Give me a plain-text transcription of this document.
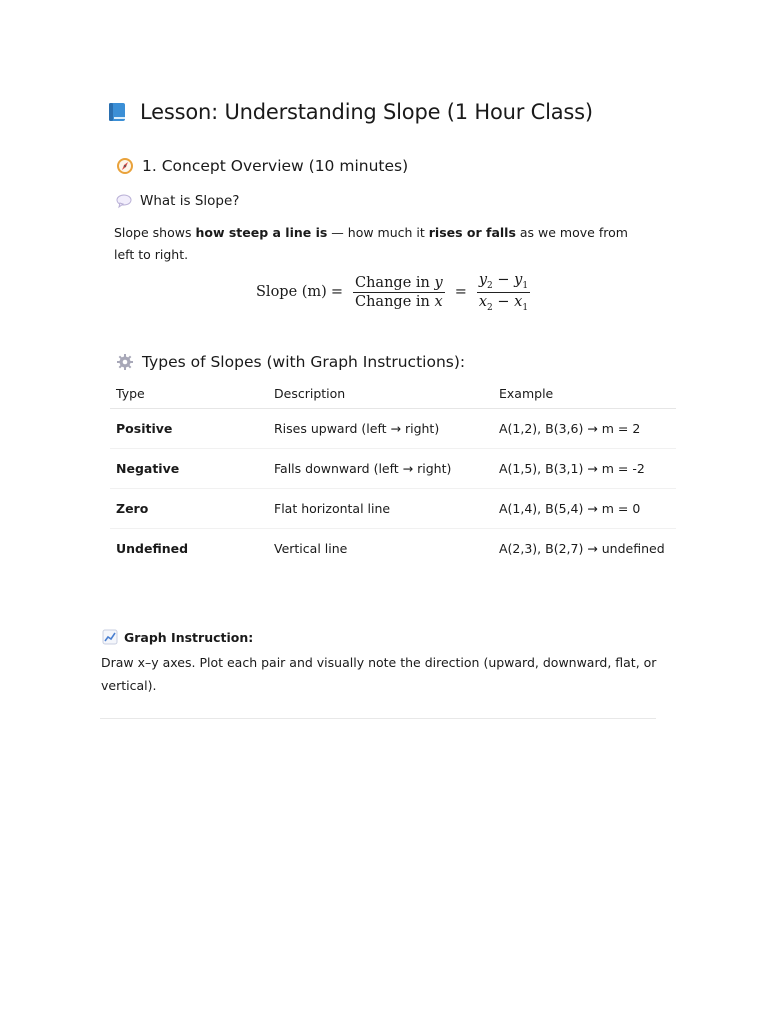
Lesson: Understanding Slope (1 Hour Class)
1. Concept Overview (10 minutes)
What is Slope?
Slope shows how steep a line is — how much it rises or falls as we move from left to right.
Slope $(m) = \frac{\text{Change in y}}{\text{Change in x}} = \frac{y_2 - y_1}{x_2 - x_1}$
Types of Slopes (with Graph Instructions):
Type	Description	Example
Positive	Rises upward (left → right)	A(1,2), B(3,6) → m = 2
Negative	Falls downward (left → right)	A(1,5), B(3,1) → m = -2
Zero	Flat horizontal line	A(1,4), B(5,4) → m = 0
Undefined	Vertical line	A(2,3), B(2,7) → undefined
Graph Instruction:
Draw x–y axes. Plot each pair and visually note the direction (upward, downward, flat, or vertical).
